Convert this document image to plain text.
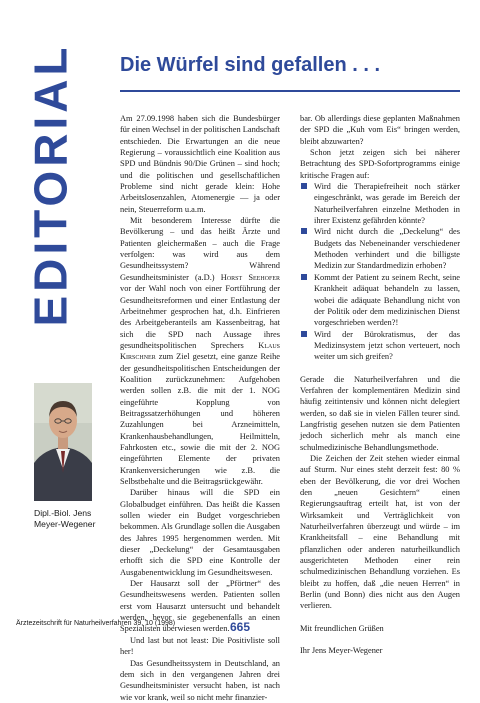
EDITORIAL Die Würfel sind gefallen . . .
Dipl.-Biol. Jens Meyer-Wegener

Am 27.09.1998 haben sich die Bundesbürger für einen Wechsel in der politischen Landschaft entschieden. Die Erwartungen an die neue Regierung – voraussichtlich eine Koalition aus SPD und Bündnis 90/Die Grünen – sind hoch; und die politischen und gesellschaftlichen Probleme sind nicht gerade klein: Hohe Arbeitslosenzahlen, Atomenergie — ja oder nein, Steuerreform u.a.m.

Mit besonderem Interesse dürfte die Bevölkerung – und das heißt Ärzte und Patienten gleichermaßen – auch die Frage verfolgen: was wird aus dem Gesundheitssystem? Während Gesundheitsminister (a.D.) Horst Seehofer vor der Wahl noch von einer Fortführung der Gesundheitsreformen und einer Entlastung der Arbeitnehmer gesprochen hat, d.h. Einfrieren des Arbeitgeberanteils am Kassenbeitrag, hat sich die SPD nach Aussage ihres gesundheitspolitischen Sprechers Klaus Kirschner zum Ziel gesetzt, eine ganze Reihe der gesundheitspolitischen Entscheidungen der Koalition zurückzunehmen: Aufgehoben werden sollen z.B. die mit der 1. NOG eingeführte Kopplung von Beitragssatzerhöhungen und höheren Zuzahlungen bei Arzneimitteln, Krankenhausbehandlungen, Heilmitteln, Fahrkosten etc., sowie die mit der 2. NOG eingeführten Elemente der privaten Krankenversicherungen wie z.B. die Selbstbehalte und die Beitragsrückgewähr.

Darüber hinaus will die SPD ein Globalbudget einführen. Das heißt die Kassen sollen wieder ein Budget vorgeschrieben bekommen. Als Grundlage sollen die Ausgaben des Jahres 1995 hergenommen werden. Mit dieser „Deckelung“ der Gesamtausgaben erhofft sich die SPD eine Kontrolle der Ausgabenentwicklung im Gesundheitswesen.

Der Hausarzt soll der „Pförtner“ des Gesundheitswesens werden. Patienten sollen erst vom Hausarzt untersucht und behandelt werden, bevor sie gegebenenfalls an einen Spezialisten überwiesen werden.

Und last but not least: Die Positivliste soll her!

Das Gesundheitssystem in Deutschland, an dem sich in den vergangenen Jahren drei Gesundheitsminister versucht haben, ist nach wie vor krank, weil so nicht mehr finanzier-

bar. Ob allerdings diese geplanten Maßnahmen der SPD die „Kuh vom Eis“ bringen werden, bleibt abzuwarten?

Schon jetzt zeigen sich bei näherer Betrachtung des SPD-Sofortprogramms einige kritische Fragen auf:

Wird die Therapiefreiheit noch stärker eingeschränkt, was gerade im Bereich der Naturheilverfahren einzelne Methoden in ihrer Existenz gefährden könnte?
Wird nicht durch die „Deckelung“ des Budgets das Nebeneinander verschiedener Methoden verhindert und die billigste Medizin zur Standardmedizin erhoben?
Kommt der Patient zu seinem Recht, seine Krankheit adäquat behandeln zu lassen, wobei die adäquate Behandlung nicht von der Politik oder dem medizinischen Dienst vorgeschrieben werden?!
Wird der Bürokratismus, der das Medizinsystem jetzt schon verteuert, noch weiter um sich greifen?

Gerade die Naturheilverfahren und die Verfahren der komplementären Medizin sind häufig zeitintensiv und können nicht delegiert werden, so daß sie in vielen Fällen teurer sind. Langfristig gesehen nutzen sie dem Patienten jedoch sicherlich mehr als manch eine schulmedizinische Behandlungsmethode.

Die Zeichen der Zeit stehen wieder einmal auf Sturm. Nur eines steht derzeit fest: 80 % eben der Bevölkerung, die vor drei Wochen den „neuen Gesichtern“ einen Regierungsauftrag erteilt hat, ist von der Wirksamkeit und Verträglichkeit von Naturheilverfahren überzeugt und würde – im Krankheitsfall – eine Behandlung mit pflanzlichen oder anderen naturheilkundlich ausgerichteten Methoden einer rein schulmedizinischen Behandlung vorziehen. Es bleibt zu hoffen, daß „die neuen Herren“ in Berlin (und Bonn) dies nicht aus den Augen verlieren.

Mit freundlichen Grüßen

Ihr Jens Meyer-Wegener

Ärztezeitschrift für Naturheilverfahren 39, 10 (1998)	665
